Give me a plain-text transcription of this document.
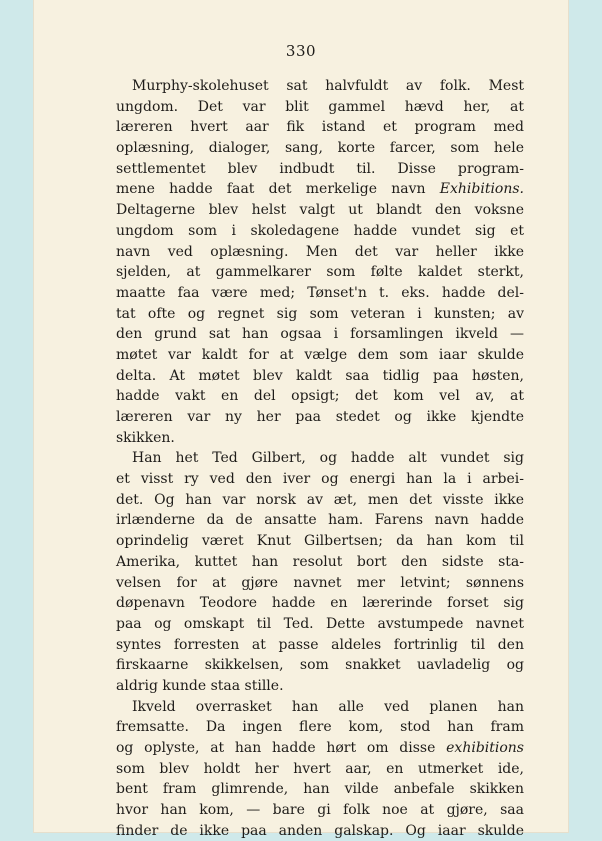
330
Murphy-skolehuset sat halvfuldt av folk. Mest
ungdom. Det var blit gammel hævd her, at
læreren hvert aar fik istand et program med
oplæsning, dialoger, sang, korte farcer, som hele
settlementet blev indbudt til. Disse program-
mene hadde faat det merkelige navn Exhibitions.
Deltagerne blev helst valgt ut blandt den voksne
ungdom som i skoledagene hadde vundet sig et
navn ved oplæsning. Men det var heller ikke
sjelden, at gammelkarer som følte kaldet sterkt,
maatte faa være med; Tønset'n t. eks. hadde del-
tat ofte og regnet sig som veteran i kunsten; av
den grund sat han ogsaa i forsamlingen ikveld —
møtet var kaldt for at vælge dem som iaar skulde
delta. At møtet blev kaldt saa tidlig paa høsten,
hadde vakt en del opsigt; det kom vel av, at
læreren var ny her paa stedet og ikke kjendte
skikken.
Han het Ted Gilbert, og hadde alt vundet sig
et visst ry ved den iver og energi han la i arbei-
det. Og han var norsk av æt, men det visste ikke
irlænderne da de ansatte ham. Farens navn hadde
oprindelig været Knut Gilbertsen; da han kom til
Amerika, kuttet han resolut bort den sidste sta-
velsen for at gjøre navnet mer letvint; sønnens
døpenavn Teodore hadde en lærerinde forset sig
paa og omskapt til Ted. Dette avstumpede navnet
syntes forresten at passe aldeles fortrinlig til den
firskaarne skikkelsen, som snakket uavladelig og
aldrig kunde staa stille.
Ikveld overrasket han alle ved planen han
fremsatte. Da ingen flere kom, stod han fram
og oplyste, at han hadde hørt om disse exhibitions
som blev holdt her hvert aar, en utmerket ide,
bent fram glimrende, han vilde anbefale skikken
hvor han kom, — bare gi folk noe at gjøre, saa
finder de ikke paa anden galskap. Og iaar skulde
